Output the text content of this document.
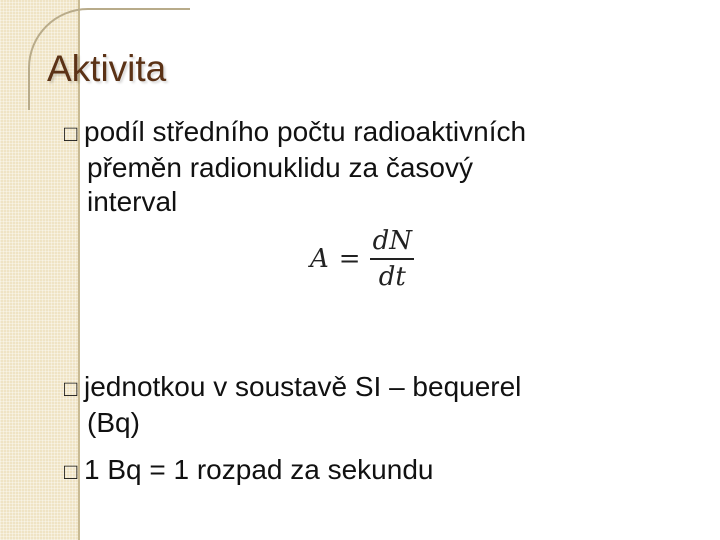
Aktivita
□ podíl středního počtu radioaktivních
přeměn radionuklidu za časový
interval
$A = \frac{dN}{dt}$
□ jednotkou v soustavě SI – bequerel
(Bq)
□ 1 Bq = 1 rozpad za sekundu
